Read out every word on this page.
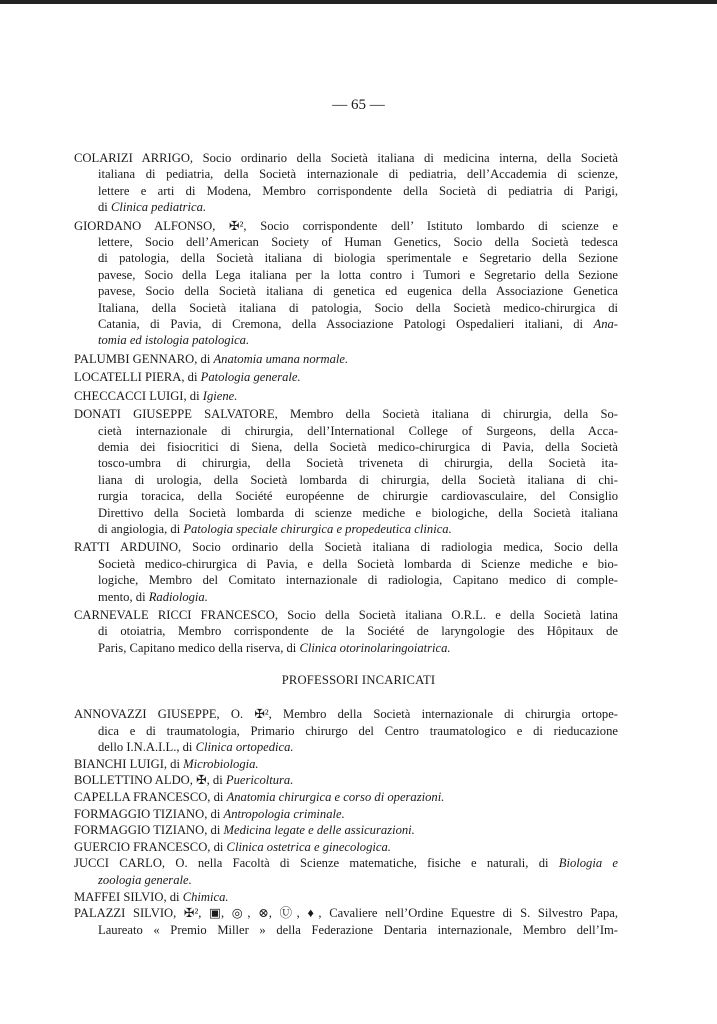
— 65 —
COLARIZI ARRIGO, Socio ordinario della Società italiana di medicina interna, della Società
italiana di pediatria, della Società internazionale di pediatria, dell’Accademia di scienze,
lettere e arti di Modena, Membro corrispondente della Società di pediatria di Parigi,
di Clinica pediatrica.
GIORDANO ALFONSO, ✠², Socio corrispondente dell’ Istituto lombardo di scienze e
lettere, Socio dell’American Society of Human Genetics, Socio della Società tedesca
di patologia, della Società italiana di biologia sperimentale e Segretario della Sezione
pavese, Socio della Lega italiana per la lotta contro i Tumori e Segretario della Sezione
pavese, Socio della Società italiana di genetica ed eugenica della Associazione Genetica
Italiana, della Società italiana di patologia, Socio della Società medico-chirurgica di
Catania, di Pavia, di Cremona, della Associazione Patologi Ospedalieri italiani, di Ana-
tomia ed istologia patologica.
PALUMBI GENNARO, di Anatomia umana normale.
LOCATELLI PIERA, di Patologia generale.
CHECCACCI LUIGI, di Igiene.
DONATI GIUSEPPE SALVATORE, Membro della Società italiana di chirurgia, della So-
cietà internazionale di chirurgia, dell’International College of Surgeons, della Acca-
demia dei fisiocritici di Siena, della Società medico-chirurgica di Pavia, della Società
tosco-umbra di chirurgia, della Società triveneta di chirurgia, della Società ita-
liana di urologia, della Società lombarda di chirurgia, della Società italiana di chi-
rurgia toracica, della Société européenne de chirurgie cardiovasculaire, del Consiglio
Direttivo della Società lombarda di scienze mediche e biologiche, della Società italiana
di angiologia, di Patologia speciale chirurgica e propedeutica clinica.
RATTI ARDUINO, Socio ordinario della Società italiana di radiologia medica, Socio della
Società medico-chirurgica di Pavia, e della Società lombarda di Scienze mediche e bio-
logiche, Membro del Comitato internazionale di radiologia, Capitano medico di comple-
mento, di Radiologia.
CARNEVALE RICCI FRANCESCO, Socio della Società italiana O.R.L. e della Società latina
di otoiatria, Membro corrispondente de la Société de laryngologie des Hôpitaux de
Paris, Capitano medico della riserva, di Clinica otorinolaringoiatrica.
PROFESSORI INCARICATI
ANNOVAZZI GIUSEPPE, O. ✠², Membro della Società internazionale di chirurgia ortope-
dica e di traumatologia, Primario chirurgo del Centro traumatologico e di rieducazione
dello I.N.A.I.L., di Clinica ortopedica.
BIANCHI LUIGI, di Microbiologia.
BOLLETTINO ALDO, ✠, di Puericoltura.
CAPELLA FRANCESCO, di Anatomia chirurgica e corso di operazioni.
FORMAGGIO TIZIANO, di Antropologia criminale.
FORMAGGIO TIZIANO, di Medicina legate e delle assicurazioni.
GUERCIO FRANCESCO, di Clinica ostetrica e ginecologica.
JUCCI CARLO, O. nella Facoltà di Scienze matematiche, fisiche e naturali, di Biologia e
zoologia generale.
MAFFEI SILVIO, di Chimica.
PALAZZI SILVIO, ✠², ▣, ◎, ⊗, Ⓤ, ♦, Cavaliere nell’Ordine Equestre di S. Silvestro Papa,
Laureato « Premio Miller » della Federazione Dentaria internazionale, Membro dell’Im-
